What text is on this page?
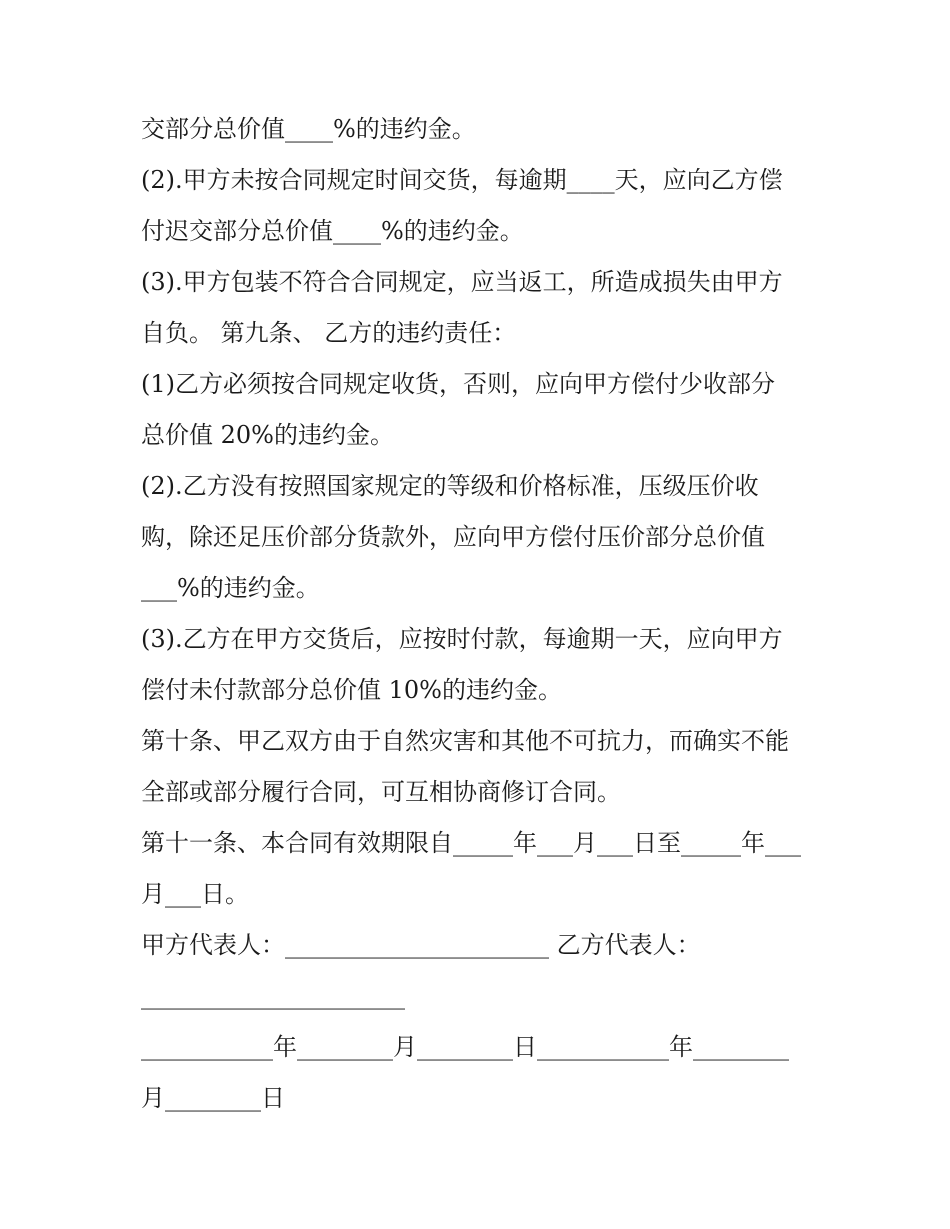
交部分总价值____%的违约金。
(2).甲方未按合同规定时间交货，每逾期____天，应向乙方偿
付迟交部分总价值____%的违约金。
(3).甲方包装不符合合同规定，应当返工，所造成损失由甲方
自负。 第九条、 乙方的违约责任：
(1)乙方必须按合同规定收货，否则，应向甲方偿付少收部分
总价值 20%的违约金。
(2).乙方没有按照国家规定的等级和价格标准，压级压价收
购，除还足压价部分货款外，应向甲方偿付压价部分总价值
___%的违约金。
(3).乙方在甲方交货后，应按时付款，每逾期一天，应向甲方
偿付未付款部分总价值 10%的违约金。
第十条、甲乙双方由于自然灾害和其他不可抗力，而确实不能
全部或部分履行合同，可互相协商修订合同。
第十一条、本合同有效期限自_____年___月___日至_____年___
月___日。
甲方代表人：______________________ 乙方代表人：
______________________
___________年________月________日___________年________
月________日
